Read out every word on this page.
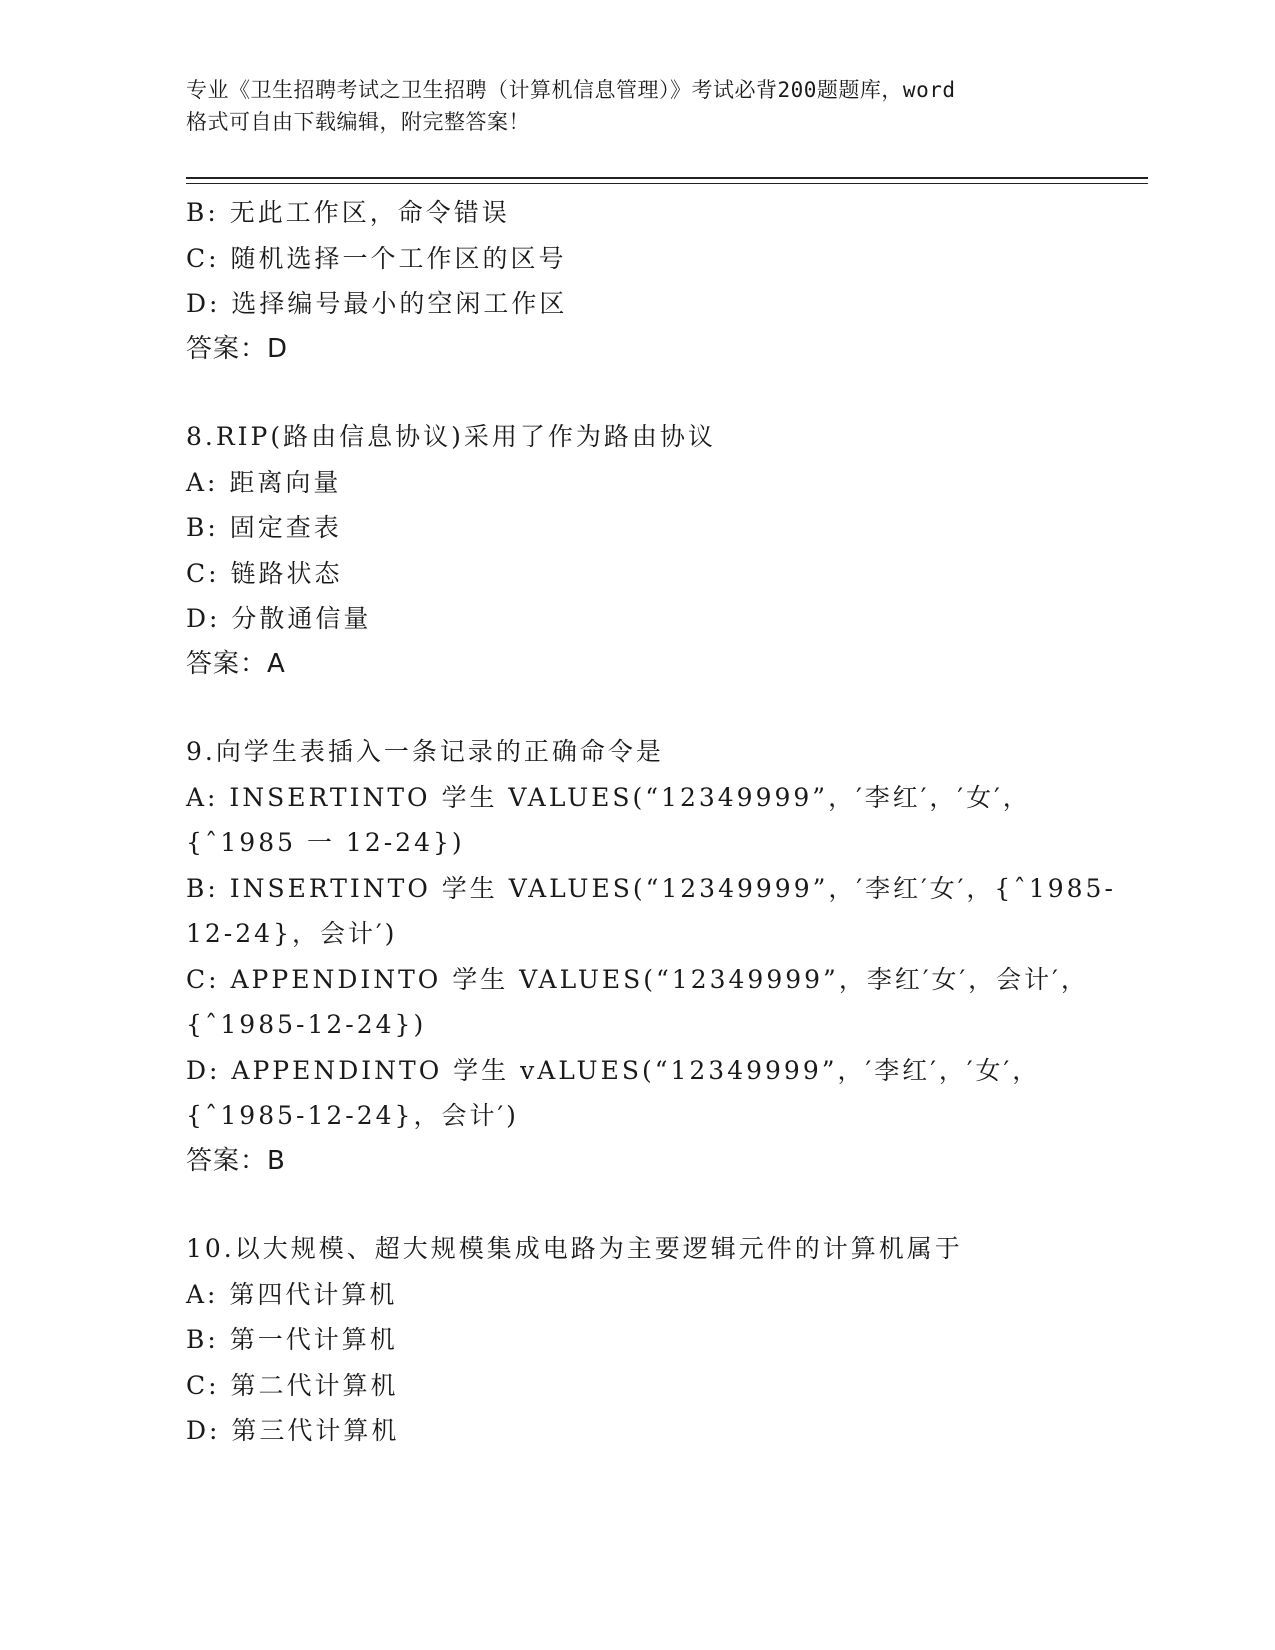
专业《卫生招聘考试之卫生招聘（计算机信息管理）》考试必背200题题库，word
格式可自由下载编辑，附完整答案！
B: 无此工作区，命令错误
C: 随机选择一个工作区的区号
D: 选择编号最小的空闲工作区
答案：D
8.RIP(路由信息协议)采用了作为路由协议
A: 距离向量
B: 固定查表
C: 链路状态
D: 分散通信量
答案：A
9.向学生表插入一条记录的正确命令是
A: INSERTINTO 学生 VALUES(“12349999”，′李红′，′女′，
{ˆ1985 一 12-24})
B: INSERTINTO 学生 VALUES(“12349999”，′李红′女′，{ˆ1985-
12-24}，会计′)
C: APPENDINTO 学生 VALUES(“12349999”，李红′女′，会计′，
{ˆ1985-12-24})
D: APPENDINTO 学生 vALUES(“12349999”，′李红′，′女′，
{ˆ1985-12-24}，会计′)
答案：B
10.以大规模、超大规模集成电路为主要逻辑元件的计算机属于
A: 第四代计算机
B: 第一代计算机
C: 第二代计算机
D: 第三代计算机
